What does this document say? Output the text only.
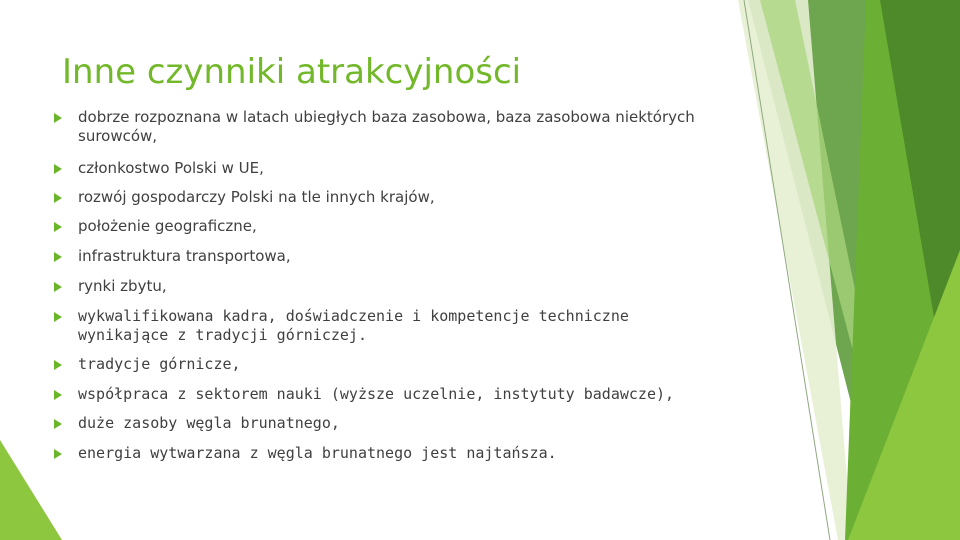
Inne czynniki atrakcyjności
dobrze rozpoznana w latach ubiegłych baza zasobowa, baza zasobowa niektórych surowców,
członkostwo Polski w UE,
rozwój gospodarczy Polski na tle innych krajów,
położenie geograficzne,
infrastruktura transportowa,
rynki zbytu,
wykwalifikowana kadra, doświadczenie i kompetencje techniczne wynikające z tradycji górniczej.
tradycje górnicze,
współpraca z sektorem nauki (wyższe uczelnie, instytuty badawcze),
duże zasoby węgla brunatnego,
energia wytwarzana z węgla brunatnego jest najtańsza.
